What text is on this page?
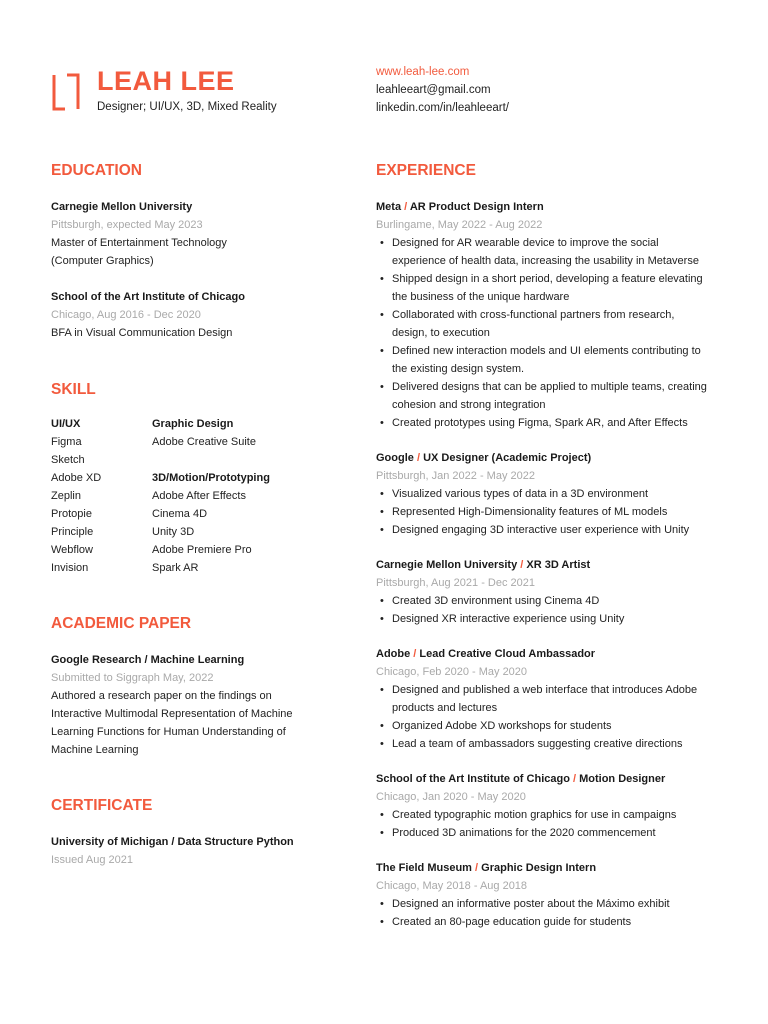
LEAH LEE
Designer; UI/UX, 3D, Mixed Reality
www.leah-lee.com
leahleeart@gmail.com
linkedin.com/in/leahleeart/
EDUCATION
Carnegie Mellon University
Pittsburgh, expected May 2023
Master of Entertainment Technology
(Computer Graphics)
School of the Art Institute of Chicago
Chicago, Aug 2016 - Dec 2020
BFA in Visual Communication Design
SKILL
UI/UX
Figma
Sketch
Adobe XD
Zeplin
Protopie
Principle
Webflow
Invision
Graphic Design
Adobe Creative Suite
3D/Motion/Prototyping
Adobe After Effects
Cinema 4D
Unity 3D
Adobe Premiere Pro
Spark AR
ACADEMIC PAPER
Google Research / Machine Learning
Submitted to Siggraph May, 2022
Authored a research paper on the findings on
Interactive Multimodal Representation of Machine
Learning Functions for Human Understanding of
Machine Learning
CERTIFICATE
University of Michigan / Data Structure Python
Issued Aug 2021
EXPERIENCE
Meta / AR Product Design Intern
Burlingame, May 2022 - Aug 2022
• Designed for AR wearable device to improve the social
experience of health data, increasing the usability in Metaverse
• Shipped design in a short period, developing a feature elevating
the business of the unique hardware
• Collaborated with cross-functional partners from research,
design, to execution
• Defined new interaction models and UI elements contributing to
the existing design system.
• Delivered designs that can be applied to multiple teams, creating
cohesion and strong integration
• Created prototypes using Figma, Spark AR, and After Effects
Google / UX Designer (Academic Project)
Pittsburgh, Jan 2022 - May 2022
• Visualized various types of data in a 3D environment
• Represented High-Dimensionality features of ML models
• Designed engaging 3D interactive user experience with Unity
Carnegie Mellon University / XR 3D Artist
Pittsburgh, Aug 2021 - Dec 2021
• Created 3D environment using Cinema 4D
• Designed XR interactive experience using Unity
Adobe / Lead Creative Cloud Ambassador
Chicago, Feb 2020 - May 2020
• Designed and published a web interface that introduces Adobe
products and lectures
• Organized Adobe XD workshops for students
• Lead a team of ambassadors suggesting creative directions
School of the Art Institute of Chicago / Motion Designer
Chicago, Jan 2020 - May 2020
• Created typographic motion graphics for use in campaigns
• Produced 3D animations for the 2020 commencement
The Field Museum / Graphic Design Intern
Chicago, May 2018 - Aug 2018
• Designed an informative poster about the Máximo exhibit
• Created an 80-page education guide for students
